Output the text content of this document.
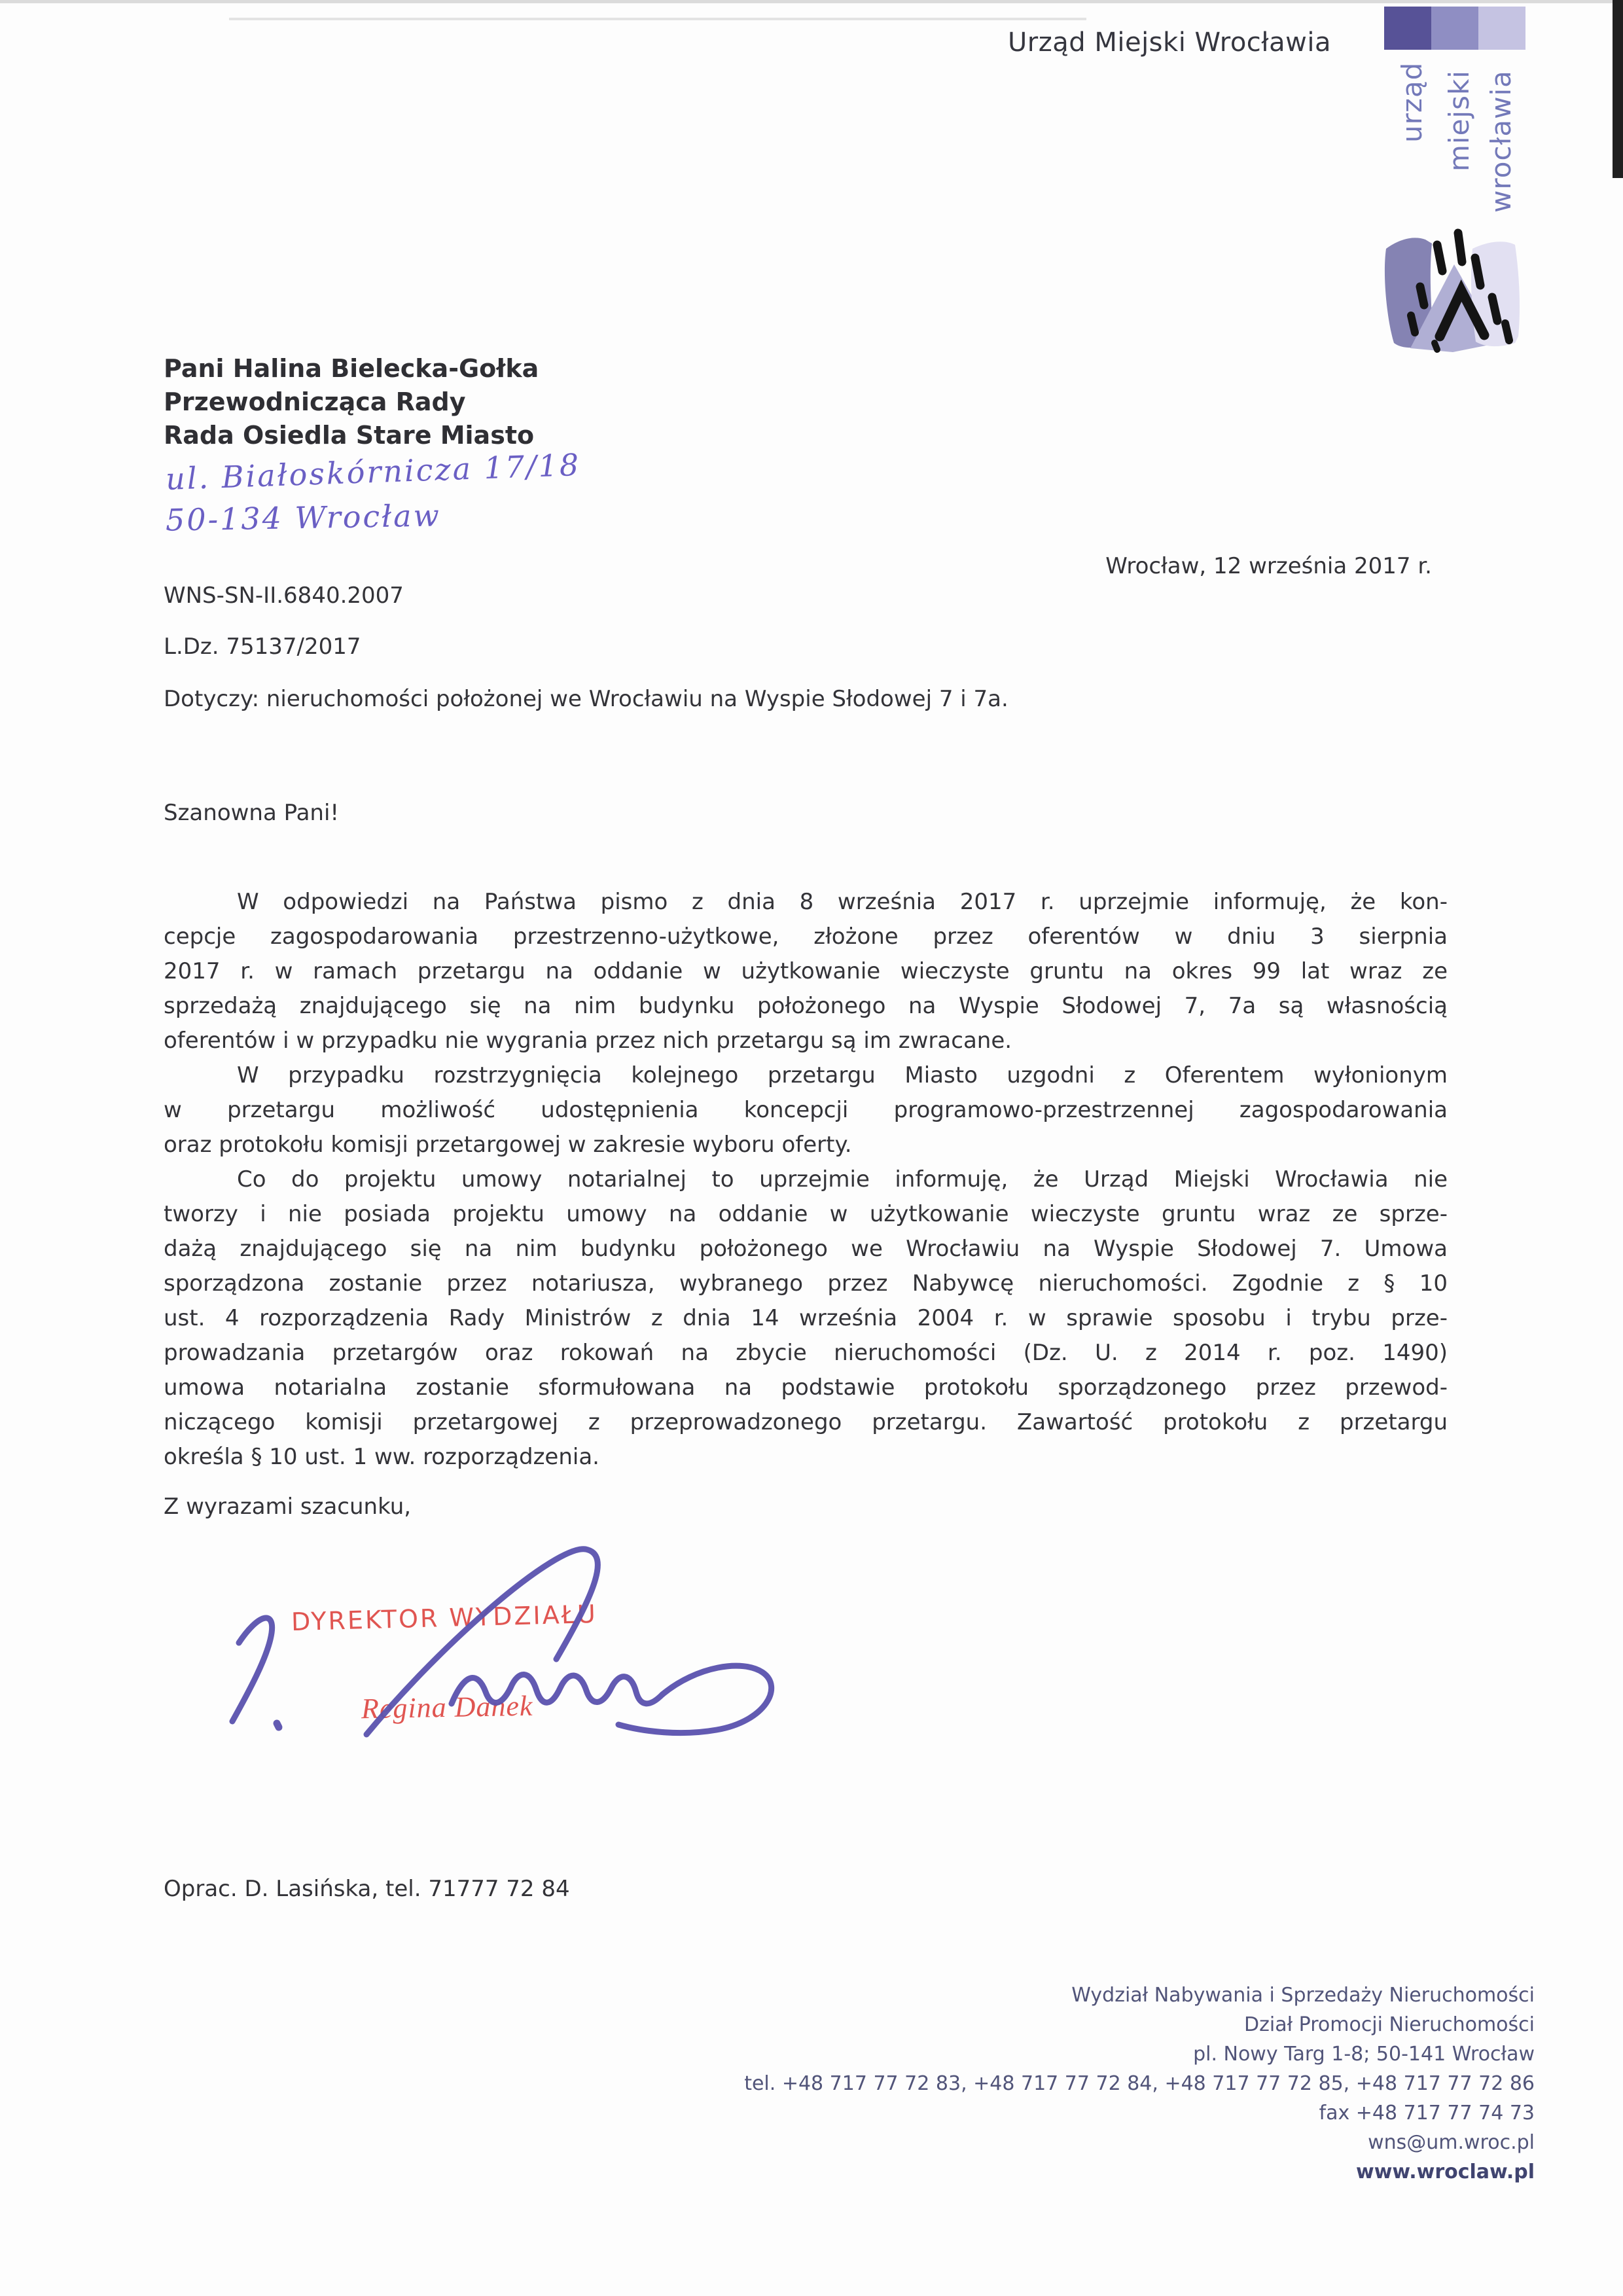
Urząd Miejski Wrocławia
urząd miejski wrocławia
Pani Halina Bielecka-Gołka
Przewodnicząca Rady
Rada Osiedla Stare Miasto
ul. Białoskórnicza 17/18
50-134 Wrocław
Wrocław, 12 września 2017 r.
WNS-SN-II.6840.2007
L.Dz. 75137/2017
Dotyczy: nieruchomości położonej we Wrocławiu na Wyspie Słodowej 7 i 7a.
Szanowna Pani!
W odpowiedzi na Państwa pismo z dnia 8 września 2017 r. uprzejmie informuję, że kon-
cepcje zagospodarowania przestrzenno-użytkowe, złożone przez oferentów w dniu 3 sierpnia
2017 r. w ramach przetargu na oddanie w użytkowanie wieczyste gruntu na okres 99 lat wraz ze
sprzedażą znajdującego się na nim budynku położonego na Wyspie Słodowej 7, 7a są własnością
oferentów i w przypadku nie wygrania przez nich przetargu są im zwracane.
W przypadku rozstrzygnięcia kolejnego przetargu Miasto uzgodni z Oferentem wyłonionym
w przetargu możliwość udostępnienia koncepcji programowo-przestrzennej zagospodarowania
oraz protokołu komisji przetargowej w zakresie wyboru oferty.
Co do projektu umowy notarialnej to uprzejmie informuję, że Urząd Miejski Wrocławia nie
tworzy i nie posiada projektu umowy na oddanie w użytkowanie wieczyste gruntu wraz ze sprze-
dażą znajdującego się na nim budynku położonego we Wrocławiu na Wyspie Słodowej 7. Umowa
sporządzona zostanie przez notariusza, wybranego przez Nabywcę nieruchomości. Zgodnie z § 10
ust. 4 rozporządzenia Rady Ministrów z dnia 14 września 2004 r. w sprawie sposobu i trybu prze-
prowadzania przetargów oraz rokowań na zbycie nieruchomości (Dz. U. z 2014 r. poz. 1490)
umowa notarialna zostanie sformułowana na podstawie protokołu sporządzonego przez przewod-
niczącego komisji przetargowej z przeprowadzonego przetargu. Zawartość protokołu z przetargu
określa § 10 ust. 1 ww. rozporządzenia.
Z wyrazami szacunku,
DYREKTOR WYDZIAŁU
Regina Danek
Oprac. D. Lasińska, tel. 71777 72 84
Wydział Nabywania i Sprzedaży Nieruchomości
Dział Promocji Nieruchomości
pl. Nowy Targ 1-8; 50-141 Wrocław
tel. +48 717 77 72 83, +48 717 77 72 84, +48 717 77 72 85, +48 717 77 72 86
fax +48 717 77 74 73
wns@um.wroc.pl
www.wroclaw.pl
